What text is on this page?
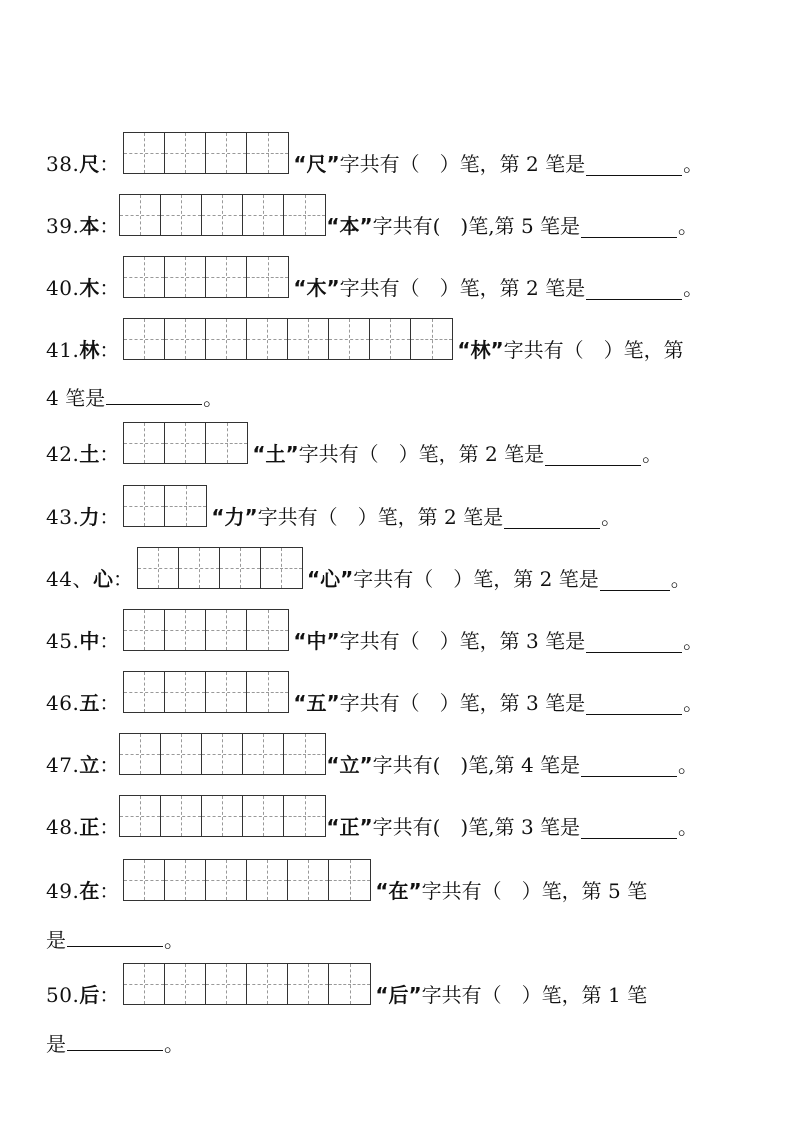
38. 尺 ：	“ 尺 ” 字共有（　）笔，第 2 笔是	。
39. 本 ：	“ 本 ” 字共有(　)笔,第 5 笔是	。
40. 木 ：	“ 木 ” 字共有（　）笔，第 2 笔是	。
41. 林 ：	“ 林 ” 字共有（　）笔，第
4 笔是	。
42. 土 ：	“ 土 ” 字共有（　）笔，第 2 笔是	。
43. 力 ：	“ 力 ” 字共有（　）笔，第 2 笔是	。
44、 心 ：	“ 心 ” 字共有（　）笔，第 2 笔是	。
45. 中 ：	“ 中 ” 字共有（　）笔，第 3 笔是	。
46. 五 ：	“ 五 ” 字共有（　）笔，第 3 笔是	。
47. 立 ：	“ 立 ” 字共有(　)笔,第 4 笔是	。
48. 正 ：	“ 正 ” 字共有(　)笔,第 3 笔是	。
49. 在 ：	“ 在 ” 字共有（　）笔，第 5 笔
是	。
50. 后 ：	“ 后 ” 字共有（　）笔，第 1 笔
是	。
